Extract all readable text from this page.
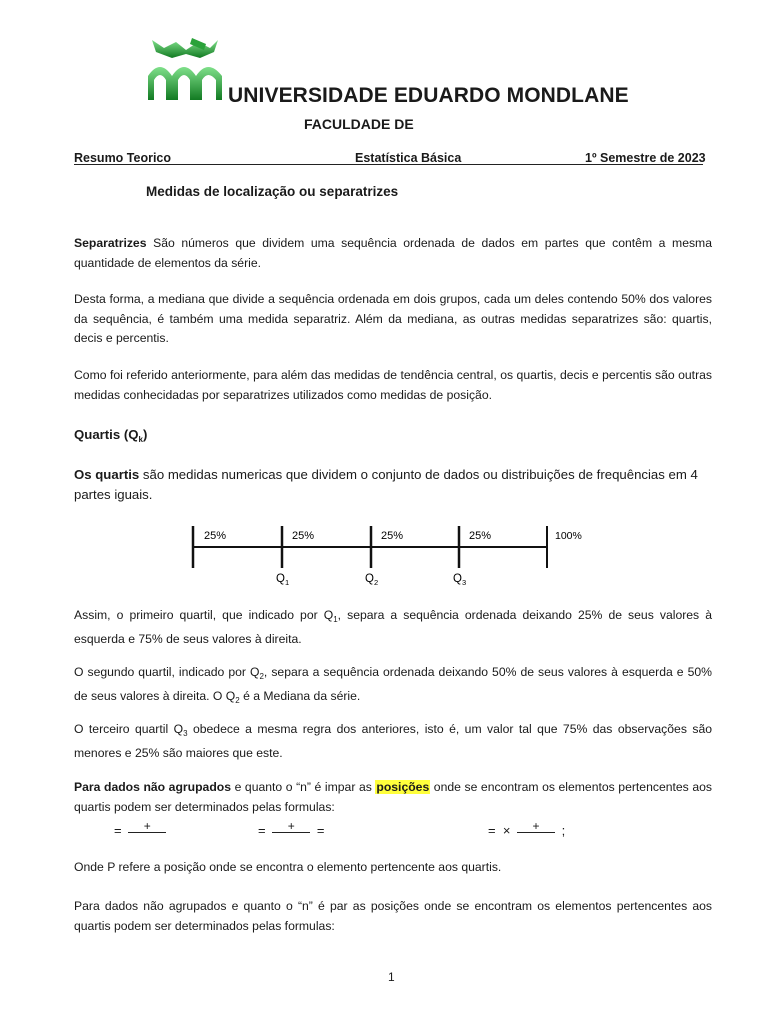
UNIVERSIDADE EDUARDO MONDLANE
FACULDADE DE
Resumo Teorico	Estatística Básica	1º Semestre de 2023
Medidas de localização ou separatrizes
Separatrizes São números que dividem uma sequência ordenada de dados em partes que contêm a mesma quantidade de elementos da série.
Desta forma, a mediana que divide a sequência ordenada em dois grupos, cada um deles contendo 50% dos valores da sequência, é também uma medida separatriz. Além da mediana, as outras medidas separatrizes são: quartis, decis e percentis.
Como foi referido anteriormente, para além das medidas de tendência central, os quartis, decis e percentis são outras medidas conhecidadas por separatrizes utilizados como medidas de posição.
Quartis $(Q_k)$
Os quartis são medidas numericas que dividem o conjunto de dados ou distribuições de frequências em 4 partes iguais.
25%	25%	25%	25%	100%
$Q_1$	$Q_2$	$Q_3$
Assim, o primeiro quartil, que indicado por $Q_1$, separa a sequência ordenada deixando 25% de seus valores à esquerda e 75% de seus valores à direita.
O segundo quartil, indicado por $Q_2$, separa a sequência ordenada deixando 50% de seus valores à esquerda e 50% de seus valores à direita. O $Q_2$ é a Mediana da série.
O terceiro quartil $Q_3$ obedece a mesma regra dos anteriores, isto é, um valor tal que 75% das observações são menores e 25% são maiores que este.
Para dados não agrupados e quanto o “n” é impar as posições onde se encontram os elementos pertencentes aos quartis podem ser determinados pelas formulas:
=	+	=	+	=	= ×	+	;
Onde P refere a posição onde se encontra o elemento pertencente aos quartis.
Para dados não agrupados e quanto o “n” é par as posições onde se encontram os elementos pertencentes aos quartis podem ser determinados pelas formulas:
1
